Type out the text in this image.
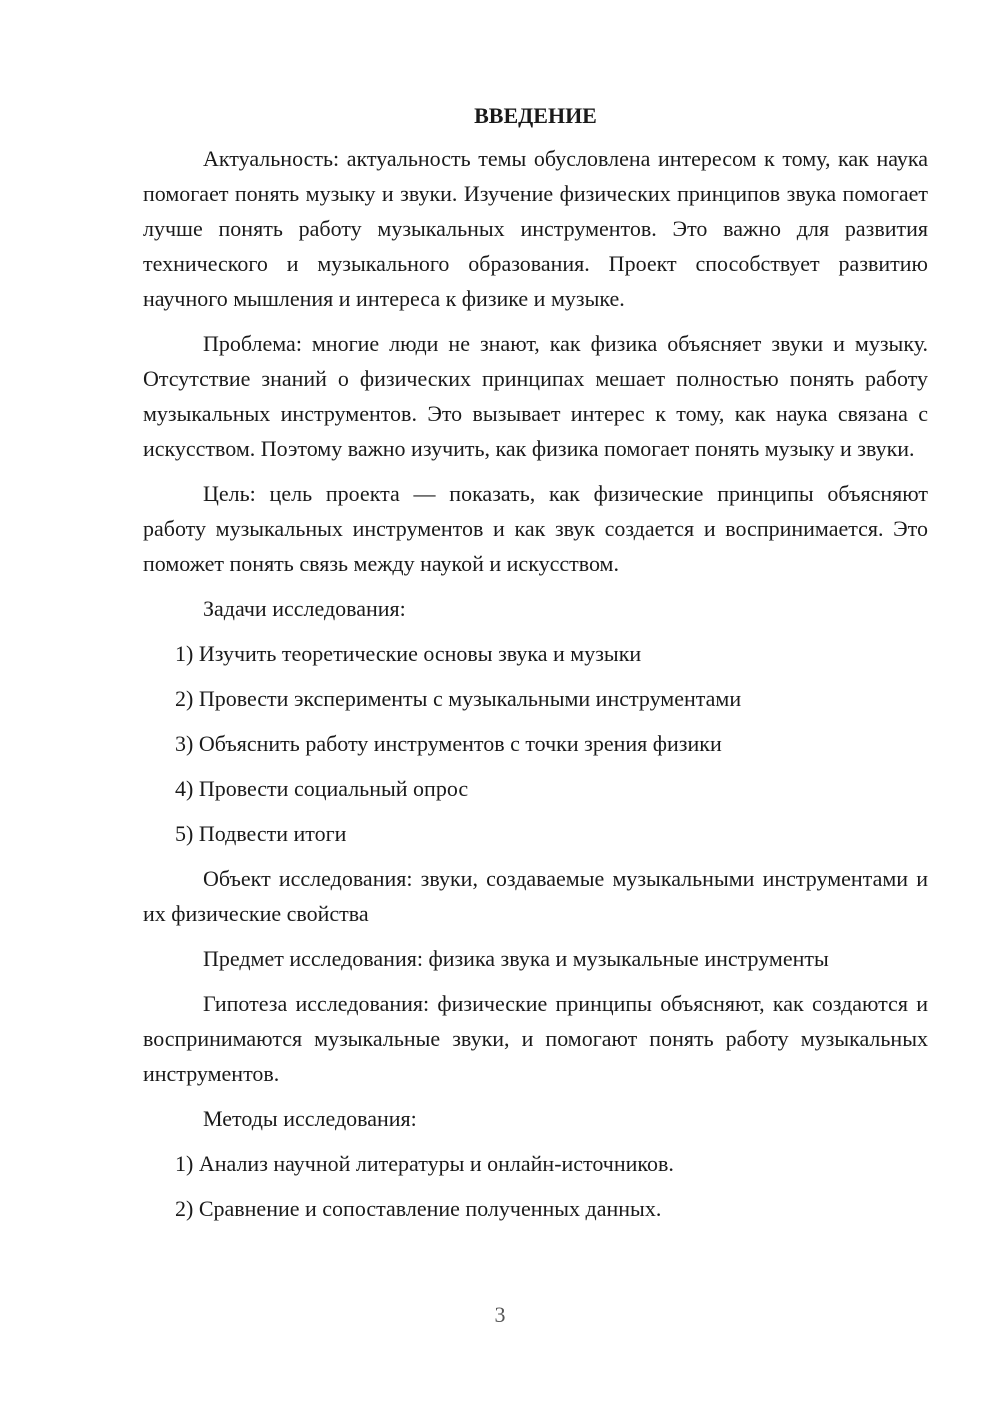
ВВЕДЕНИЕ

Актуальность: актуальность темы обусловлена интересом к тому, как наука помогает понять музыку и звуки. Изучение физических принципов звука помогает лучше понять работу музыкальных инструментов. Это важно для развития технического и музыкального образования. Проект способствует развитию научного мышления и интереса к физике и музыке.

Проблема: многие люди не знают, как физика объясняет звуки и музыку. Отсутствие знаний о физических принципах мешает полностью понять работу музыкальных инструментов. Это вызывает интерес к тому, как наука связана с искусством. Поэтому важно изучить, как физика помогает понять музыку и звуки.

Цель: цель проекта — показать, как физические принципы объясняют работу музыкальных инструментов и как звук создается и воспринимается. Это поможет понять связь между наукой и искусством.

Задачи исследования:

1) Изучить теоретические основы звука и музыки

2) Провести эксперименты с музыкальными инструментами

3) Объяснить работу инструментов с точки зрения физики

4) Провести социальный опрос

5) Подвести итоги

Объект исследования: звуки, создаваемые музыкальными инструментами и их физические свойства

Предмет исследования: физика звука и музыкальные инструменты

Гипотеза исследования: физические принципы объясняют, как создаются и воспринимаются музыкальные звуки, и помогают понять работу музыкальных инструментов.

Методы исследования:

1) Анализ научной литературы и онлайн-источников.

2) Сравнение и сопоставление полученных данных.

3
